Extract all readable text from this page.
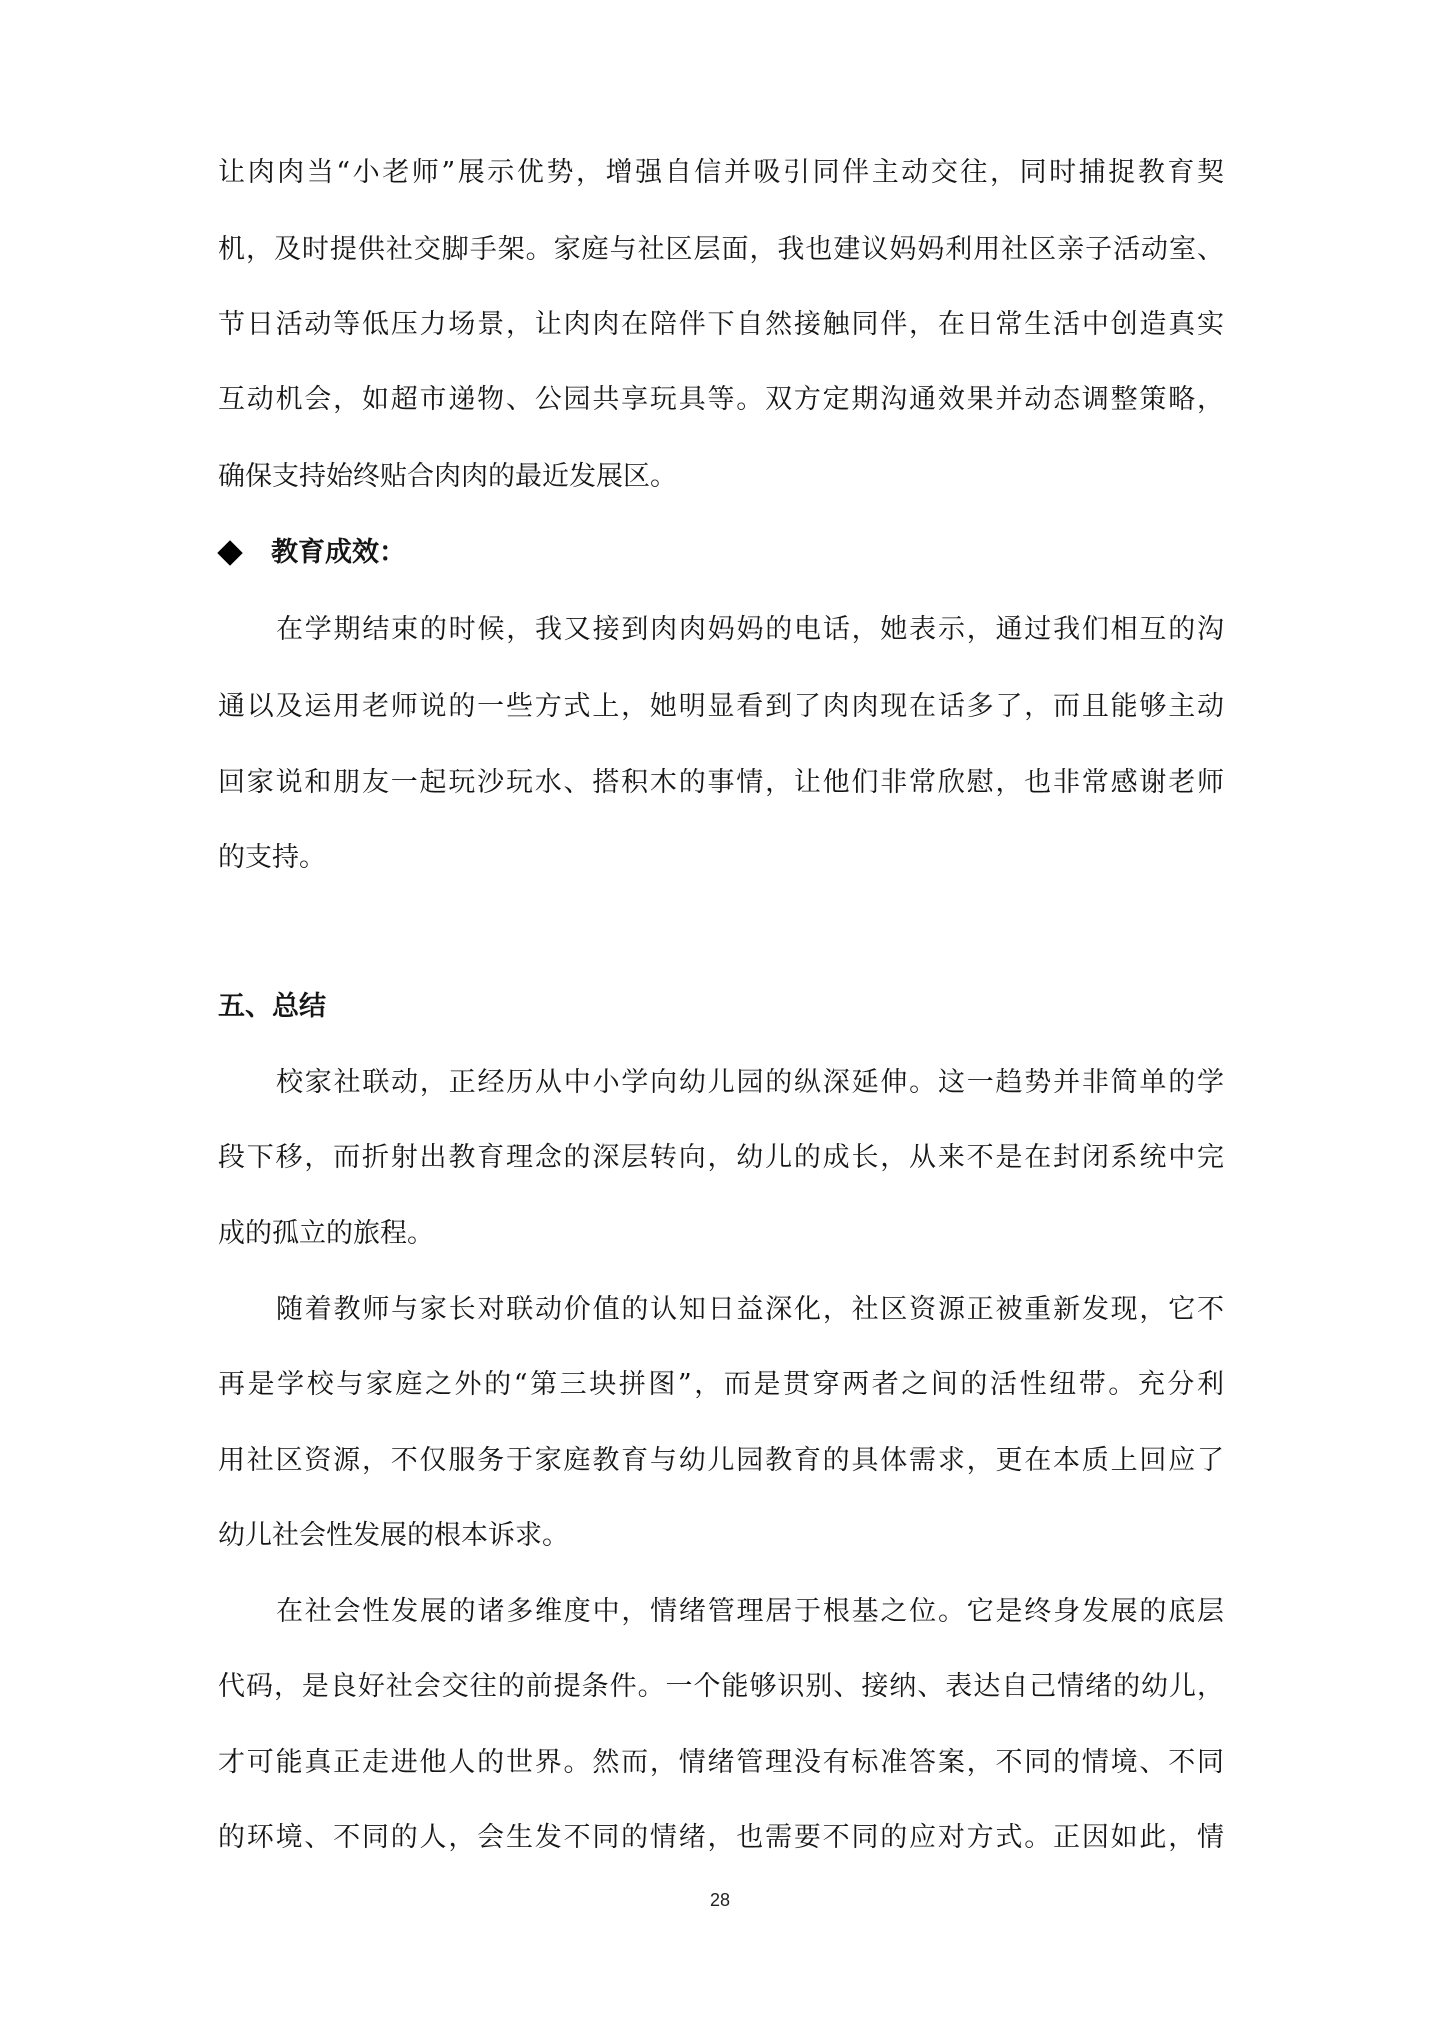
让肉肉当“小老师”展示优势，增强自信并吸引同伴主动交往，同时捕捉教育契
机，及时提供社交脚手架。家庭与社区层面，我也建议妈妈利用社区亲子活动室、
节日活动等低压力场景，让肉肉在陪伴下自然接触同伴，在日常生活中创造真实
互动机会，如超市递物、公园共享玩具等。双方定期沟通效果并动态调整策略，
确保支持始终贴合肉肉的最近发展区。
教育成效：
在学期结束的时候，我又接到肉肉妈妈的电话，她表示，通过我们相互的沟
通以及运用老师说的一些方式上，她明显看到了肉肉现在话多了，而且能够主动
回家说和朋友一起玩沙玩水、搭积木的事情，让他们非常欣慰，也非常感谢老师
的支持。
五、总结
校家社联动，正经历从中小学向幼儿园的纵深延伸。这一趋势并非简单的学
段下移，而折射出教育理念的深层转向，幼儿的成长，从来不是在封闭系统中完
成的孤立的旅程。
随着教师与家长对联动价值的认知日益深化，社区资源正被重新发现，它不
再是学校与家庭之外的“第三块拼图”，而是贯穿两者之间的活性纽带。充分利
用社区资源，不仅服务于家庭教育与幼儿园教育的具体需求，更在本质上回应了
幼儿社会性发展的根本诉求。
在社会性发展的诸多维度中，情绪管理居于根基之位。它是终身发展的底层
代码，是良好社会交往的前提条件。一个能够识别、接纳、表达自己情绪的幼儿，
才可能真正走进他人的世界。然而，情绪管理没有标准答案，不同的情境、不同
的环境、不同的人，会生发不同的情绪，也需要不同的应对方式。正因如此，情
28
